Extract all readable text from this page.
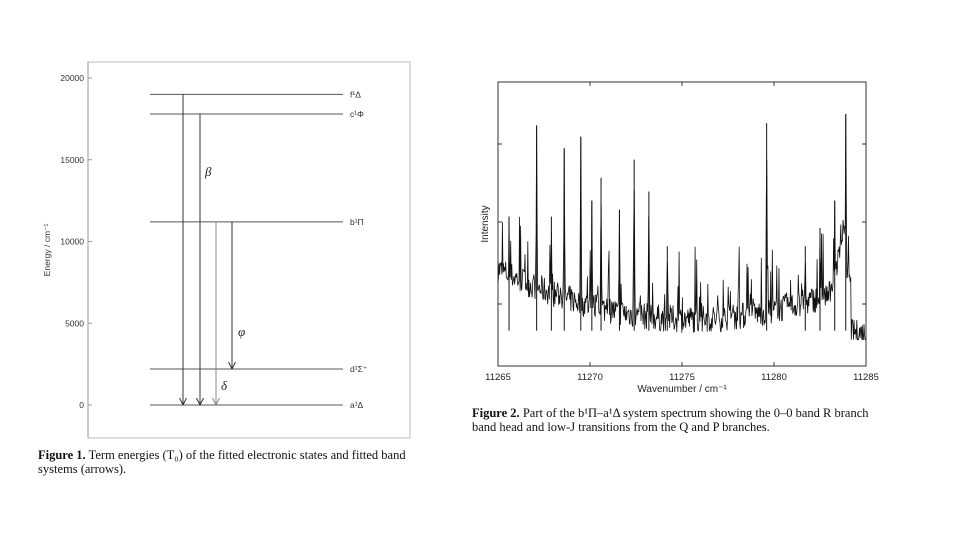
0
5000
10000
15000
20000
a¹Δ
d¹Σ⁺
b¹Π
c¹Φ
f¹Δ
Energy / cm⁻¹
β
φ
δ
Figure 1. Term energies (T₀) of the fitted electronic states and fitted band systems (arrows).
11265	11270	11275	11280	11285
Intensity
Wavenumber / cm⁻¹
Figure 2. Part of the b¹Π–a¹Δ system spectrum showing the 0–0 band R branch band head and low-J transitions from the Q and P branches.
